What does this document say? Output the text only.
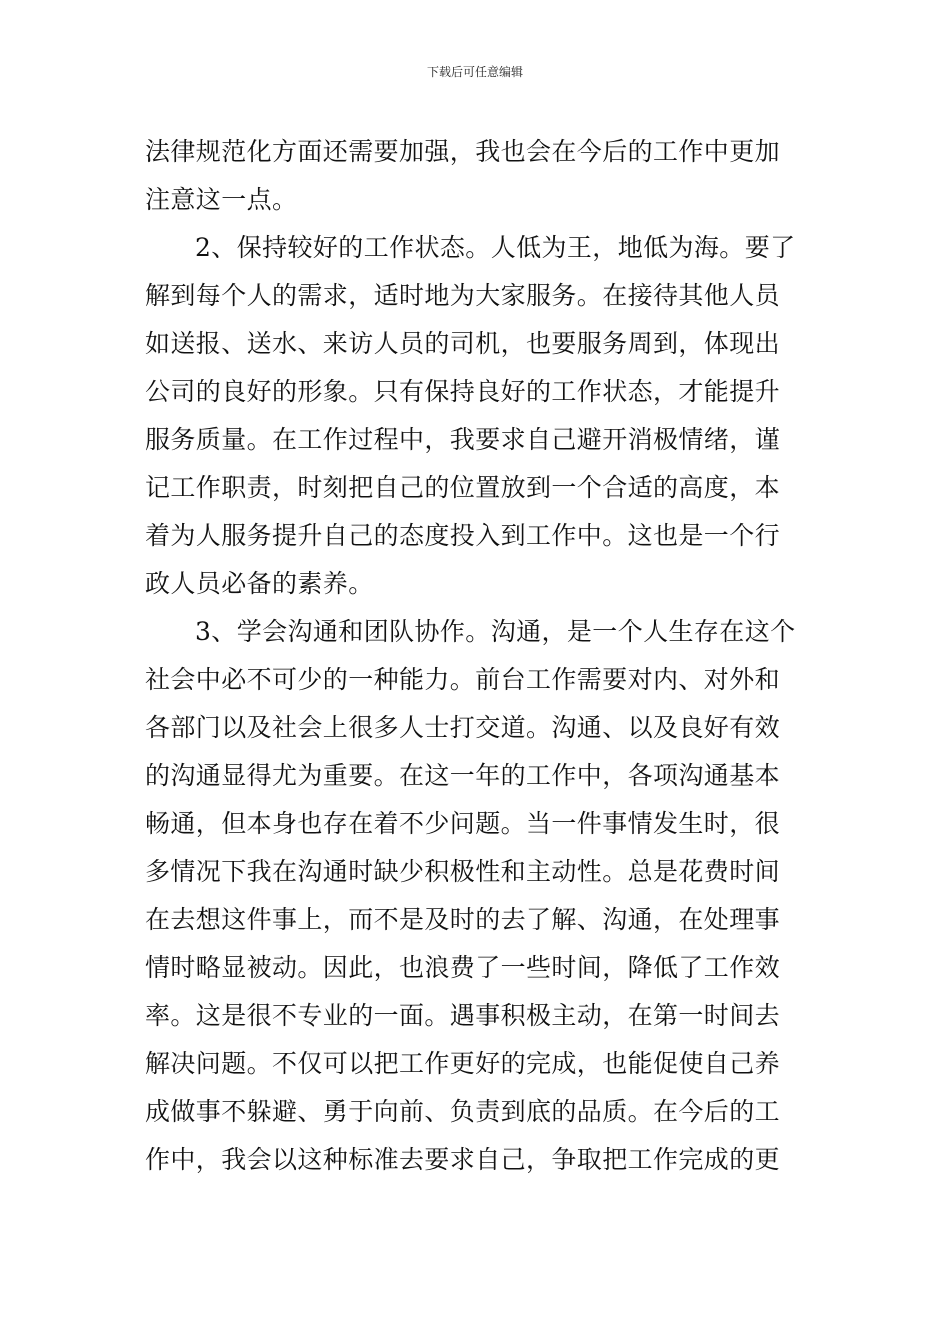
下载后可任意编辑
法律规范化方面还需要加强，我也会在今后的工作中更加
注意这一点。
2、保持较好的工作状态。人低为王，地低为海。要了
解到每个人的需求，适时地为大家服务。在接待其他人员
如送报、送水、来访人员的司机，也要服务周到，体现出
公司的良好的形象。只有保持良好的工作状态，才能提升
服务质量。在工作过程中，我要求自己避开消极情绪，谨
记工作职责，时刻把自己的位置放到一个合适的高度，本
着为人服务提升自己的态度投入到工作中。这也是一个行
政人员必备的素养。
3、学会沟通和团队协作。沟通，是一个人生存在这个
社会中必不可少的一种能力。前台工作需要对内、对外和
各部门以及社会上很多人士打交道。沟通、以及良好有效
的沟通显得尤为重要。在这一年的工作中，各项沟通基本
畅通，但本身也存在着不少问题。当一件事情发生时，很
多情况下我在沟通时缺少积极性和主动性。总是花费时间
在去想这件事上，而不是及时的去了解、沟通，在处理事
情时略显被动。因此，也浪费了一些时间，降低了工作效
率。这是很不专业的一面。遇事积极主动，在第一时间去
解决问题。不仅可以把工作更好的完成，也能促使自己养
成做事不躲避、勇于向前、负责到底的品质。在今后的工
作中，我会以这种标准去要求自己，争取把工作完成的更
